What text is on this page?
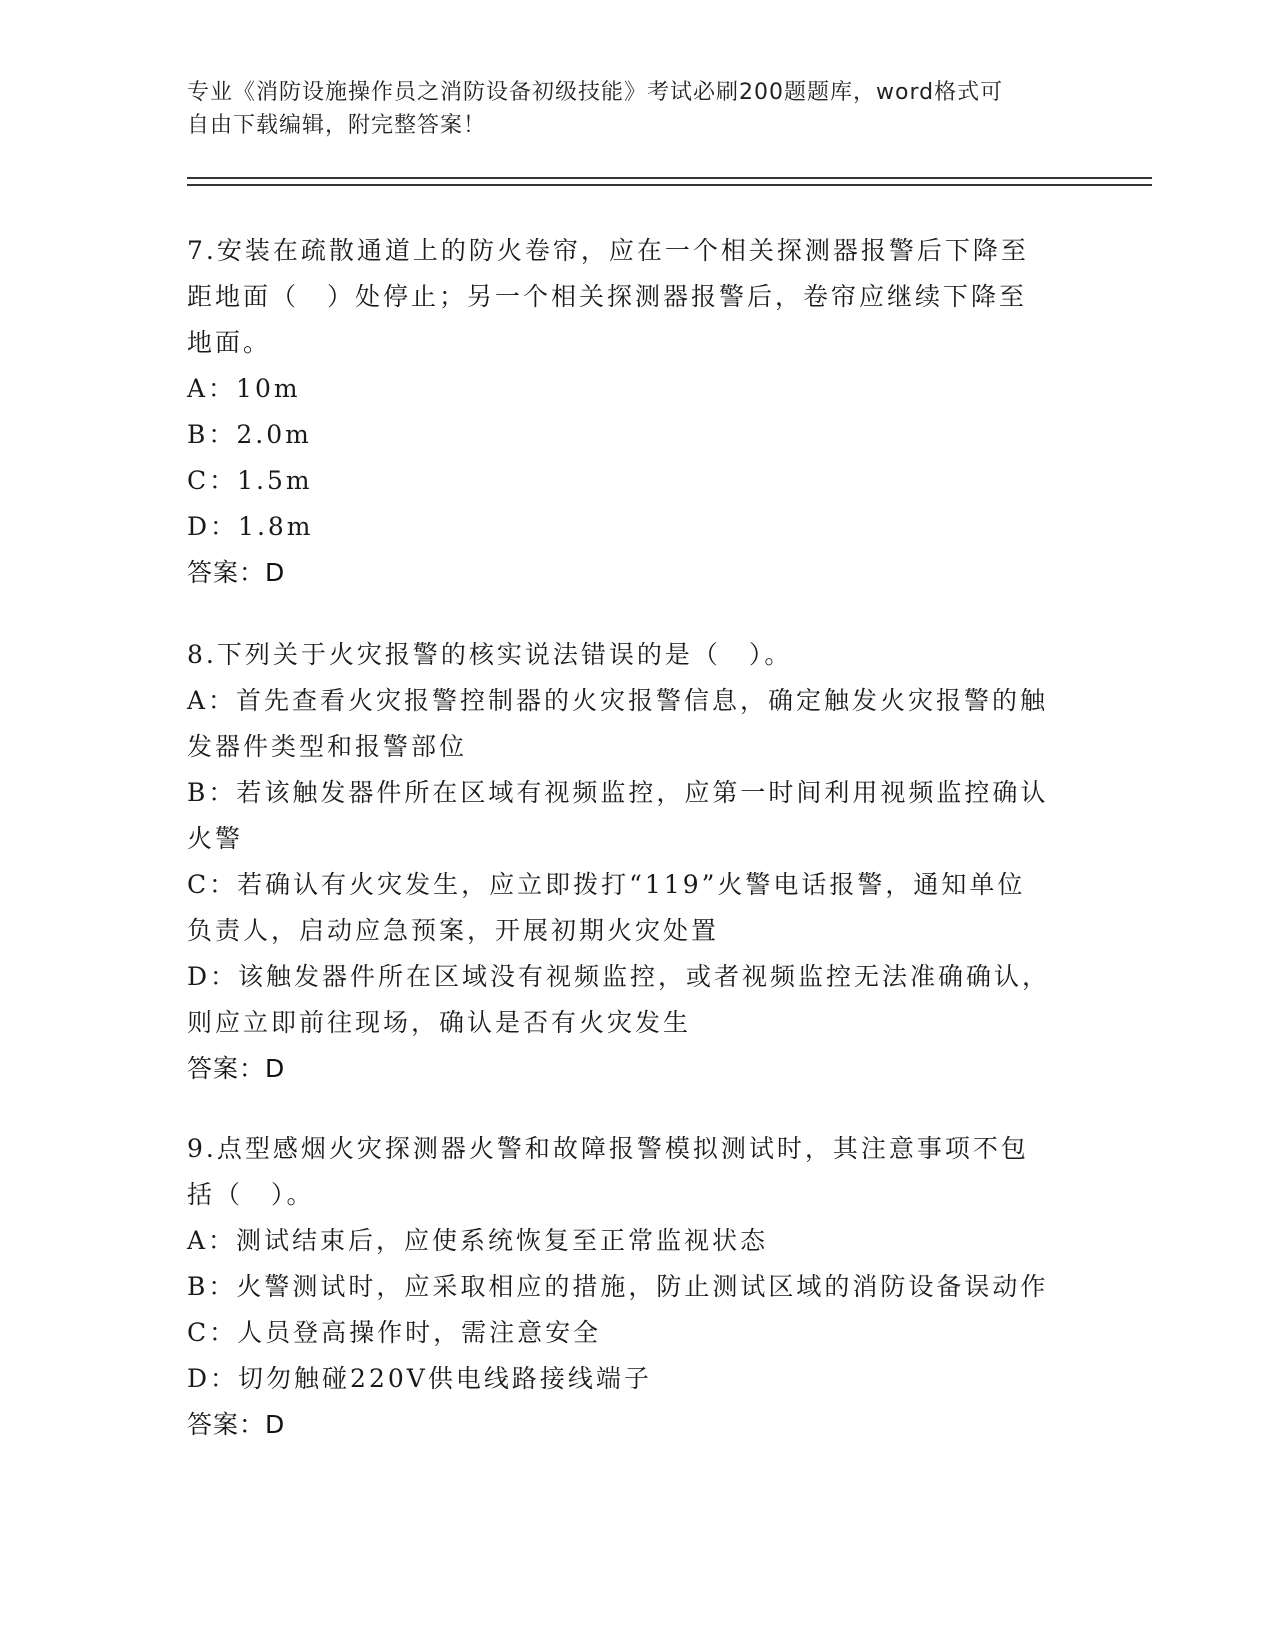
专业《消防设施操作员之消防设备初级技能》考试必刷200题题库，word格式可
自由下载编辑，附完整答案！
7.安装在疏散通道上的防火卷帘，应在一个相关探测器报警后下降至
距地面（　）处停止；另一个相关探测器报警后，卷帘应继续下降至
地面。
A：10m
B：2.0m
C：1.5m
D：1.8m
答案：D
8.下列关于火灾报警的核实说法错误的是（　）。
A：首先查看火灾报警控制器的火灾报警信息，确定触发火灾报警的触
发器件类型和报警部位
B：若该触发器件所在区域有视频监控，应第一时间利用视频监控确认
火警
C：若确认有火灾发生，应立即拨打“119”火警电话报警，通知单位
负责人，启动应急预案，开展初期火灾处置
D：该触发器件所在区域没有视频监控，或者视频监控无法准确确认，
则应立即前往现场，确认是否有火灾发生
答案：D
9.点型感烟火灾探测器火警和故障报警模拟测试时，其注意事项不包
括（　）。
A：测试结束后，应使系统恢复至正常监视状态
B：火警测试时，应采取相应的措施，防止测试区域的消防设备误动作
C：人员登高操作时，需注意安全
D：切勿触碰220V供电线路接线端子
答案：D
